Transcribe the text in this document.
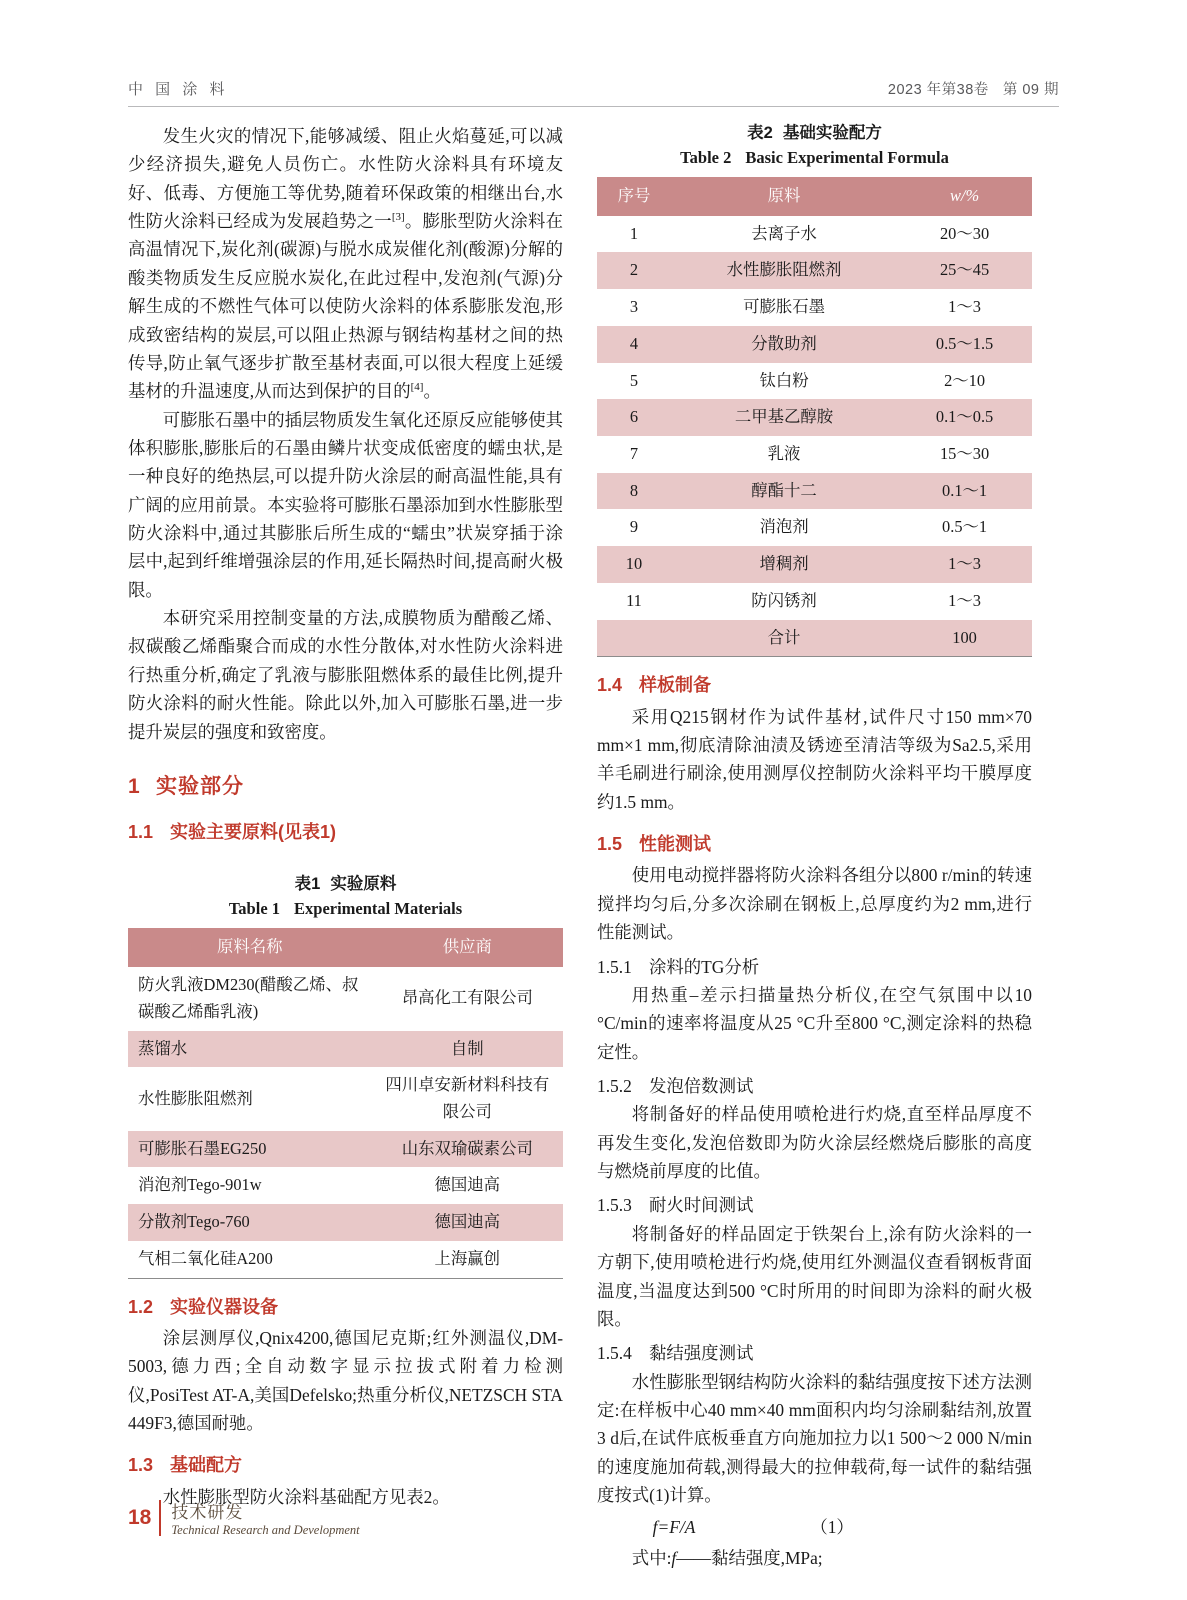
中 国 涂 料	2023 年第38卷 第 09 期

发生火灾的情况下,能够减缓、阻止火焰蔓延,可以减少经济损失,避免人员伤亡。水性防火涂料具有环境友好、低毒、方便施工等优势,随着环保政策的相继出台,水性防火涂料已经成为发展趋势之一[3]。膨胀型防火涂料在高温情况下,炭化剂(碳源)与脱水成炭催化剂(酸源)分解的酸类物质发生反应脱水炭化,在此过程中,发泡剂(气源)分解生成的不燃性气体可以使防火涂料的体系膨胀发泡,形成致密结构的炭层,可以阻止热源与钢结构基材之间的热传导,防止氧气逐步扩散至基材表面,可以很大程度上延缓基材的升温速度,从而达到保护的目的[4]。

可膨胀石墨中的插层物质发生氧化还原反应能够使其体积膨胀,膨胀后的石墨由鳞片状变成低密度的蠕虫状,是一种良好的绝热层,可以提升防火涂层的耐高温性能,具有广阔的应用前景。本实验将可膨胀石墨添加到水性膨胀型防火涂料中,通过其膨胀后所生成的“蠕虫”状炭穿插于涂层中,起到纤维增强涂层的作用,延长隔热时间,提高耐火极限。

本研究采用控制变量的方法,成膜物质为醋酸乙烯、叔碳酸乙烯酯聚合而成的水性分散体,对水性防火涂料进行热重分析,确定了乳液与膨胀阻燃体系的最佳比例,提升防火涂料的耐火性能。除此以外,加入可膨胀石墨,进一步提升炭层的强度和致密度。

1 实验部分
1.1 实验主要原料(见表1)
表1 实验原料
Table 1 Experimental Materials
原料名称	供应商
防火乳液DM230(醋酸乙烯、叔碳酸乙烯酯乳液)	昂高化工有限公司
蒸馏水	自制
水性膨胀阻燃剂	四川卓安新材料科技有限公司
可膨胀石墨EG250	山东双瑜碳素公司
消泡剂Tego-901w	德国迪高
分散剂Tego-760	德国迪高
气相二氧化硅A200	上海赢创
1.2 实验仪器设备

涂层测厚仪,Qnix4200,德国尼克斯;红外测温仪,DM-5003,德力西;全自动数字显示拉拔式附着力检测仪,PosiTest AT-A,美国Defelsko;热重分析仪,NETZSCH STA 449F3,德国耐驰。

1.3 基础配方

水性膨胀型防火涂料基础配方见表2。

表2 基础实验配方
Table 2 Basic Experimental Formula
序号	原料	w/%
1	去离子水	20～30
2	水性膨胀阻燃剂	25～45
3	可膨胀石墨	1～3
4	分散助剂	0.5～1.5
5	钛白粉	2～10
6	二甲基乙醇胺	0.1～0.5
7	乳液	15～30
8	醇酯十二	0.1～1
9	消泡剂	0.5～1
10	增稠剂	1～3
11	防闪锈剂	1～3
	合计	100
1.4 样板制备

采用Q215钢材作为试件基材,试件尺寸150 mm×70 mm×1 mm,彻底清除油渍及锈迹至清洁等级为Sa2.5,采用羊毛刷进行刷涂,使用测厚仪控制防火涂料平均干膜厚度约1.5 mm。

1.5 性能测试

使用电动搅拌器将防火涂料各组分以800 r/min的转速搅拌均匀后,分多次涂刷在钢板上,总厚度约为2 mm,进行性能测试。

1.5.1 涂料的TG分析

用热重–差示扫描量热分析仪,在空气氛围中以10 °C/min的速率将温度从25 °C升至800 °C,测定涂料的热稳定性。

1.5.2 发泡倍数测试

将制备好的样品使用喷枪进行灼烧,直至样品厚度不再发生变化,发泡倍数即为防火涂层经燃烧后膨胀的高度与燃烧前厚度的比值。

1.5.3 耐火时间测试

将制备好的样品固定于铁架台上,涂有防火涂料的一方朝下,使用喷枪进行灼烧,使用红外测温仪查看钢板背面温度,当温度达到500 °C时所用的时间即为涂料的耐火极限。

1.5.4 黏结强度测试

水性膨胀型钢结构防火涂料的黏结强度按下述方法测定:在样板中心40 mm×40 mm面积内均匀涂刷黏结剂,放置3 d后,在试件底板垂直方向施加拉力以1 500～2 000 N/min的速度施加荷载,测得最大的拉伸载荷,每一试件的黏结强度按式(1)计算。

f=F/A	（1）

式中:f——黏结强度,MPa;

18 技术研发
Technical Research and Development
